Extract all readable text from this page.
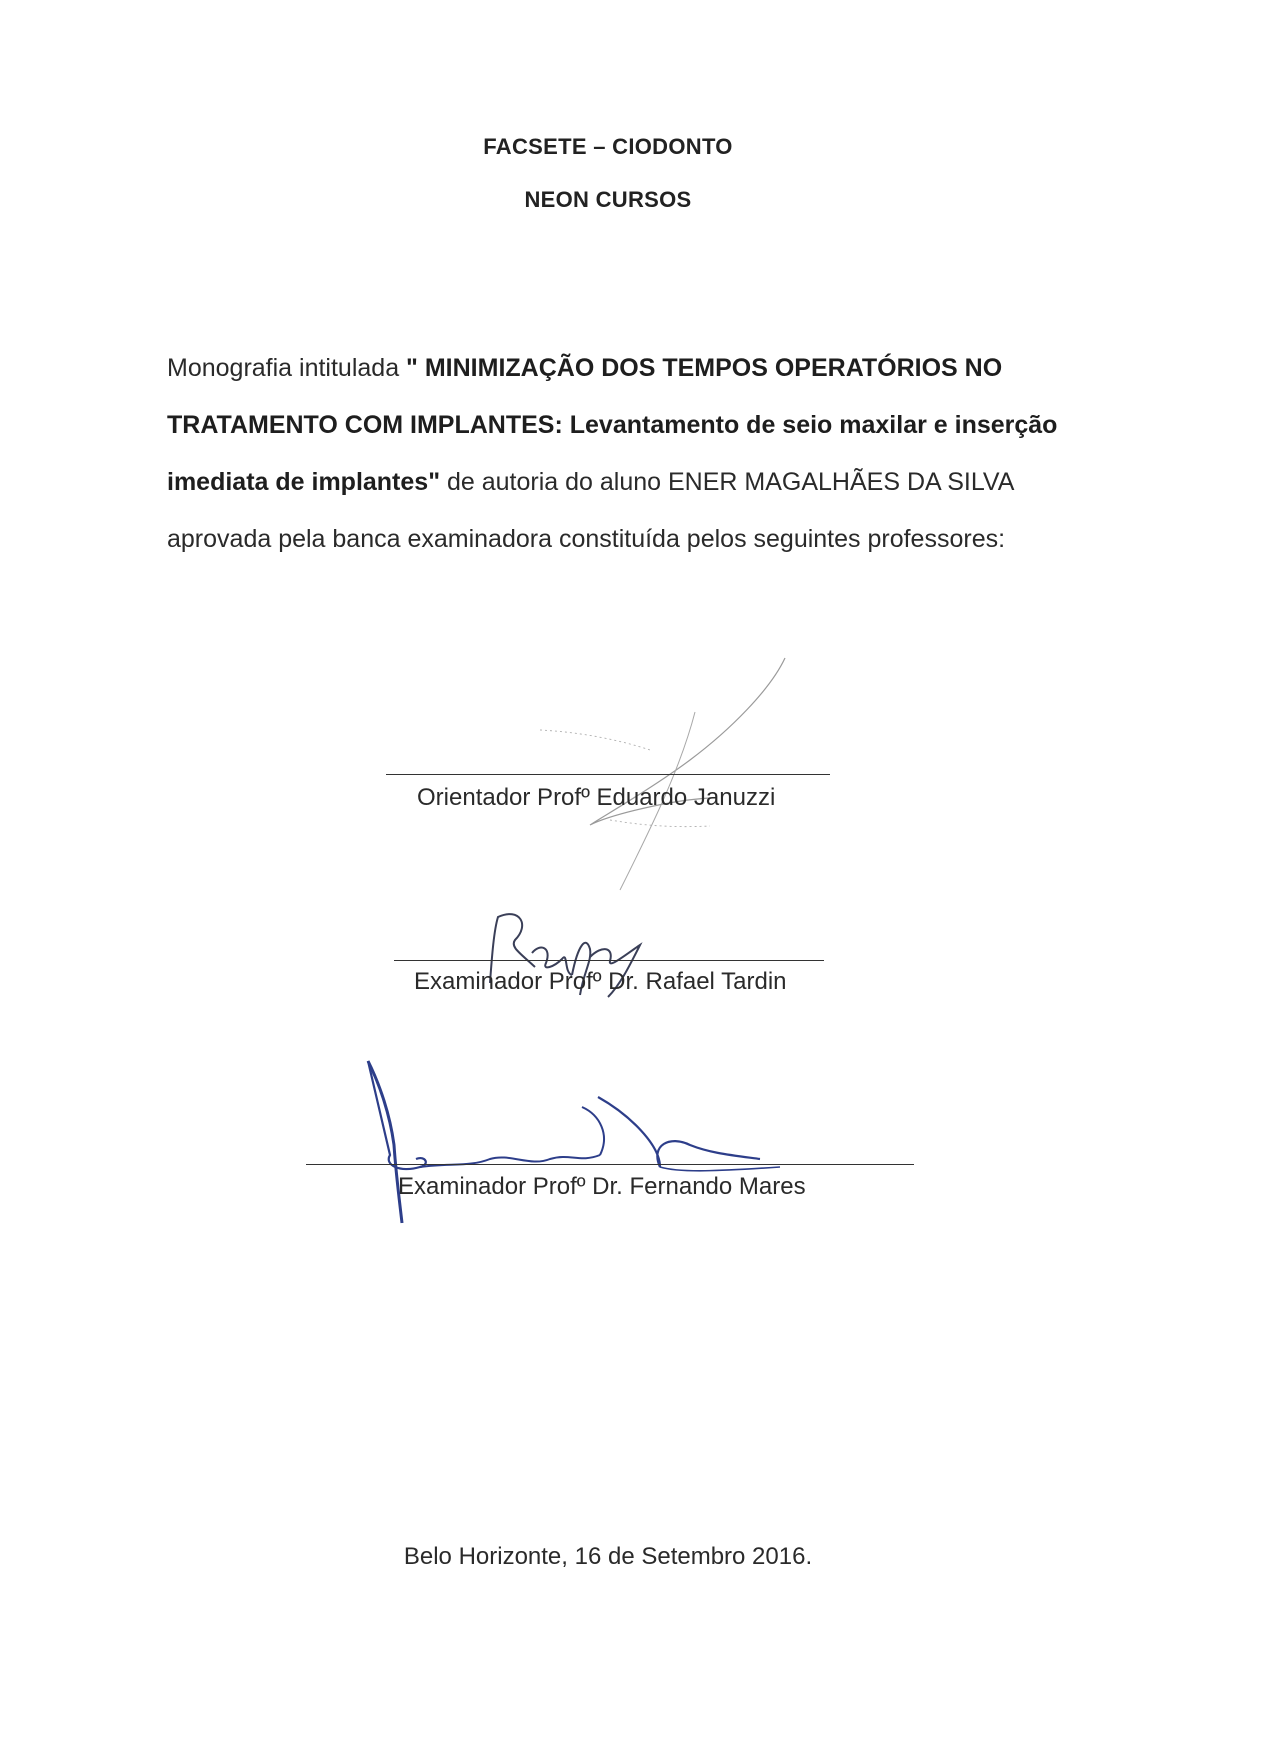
FACSETE – CIODONTO
NEON CURSOS
Monografia intitulada " MINIMIZAÇÃO DOS TEMPOS OPERATÓRIOS NO TRATAMENTO COM IMPLANTES: Levantamento de seio maxilar e inserção imediata de implantes" de autoria do aluno ENER MAGALHÃES DA SILVA aprovada pela banca examinadora constituída pelos seguintes professores:
Orientador Profº Eduardo Januzzi
Examinador Profº Dr. Rafael Tardin
Examinador Profº Dr. Fernando Mares
Belo Horizonte, 16 de Setembro 2016.
